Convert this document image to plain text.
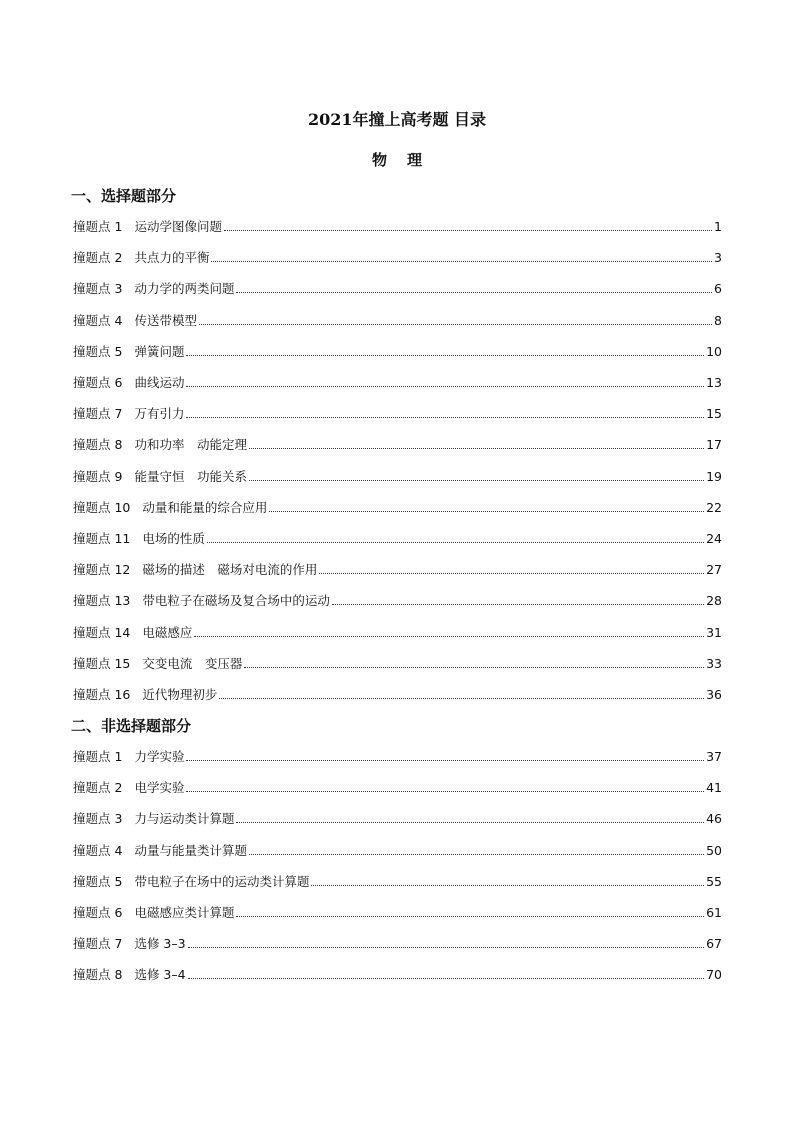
2021年撞上高考题 目录
物理
一、选择题部分
撞题点 1 运动学图像问题	1
撞题点 2 共点力的平衡	3
撞题点 3 动力学的两类问题	6
撞题点 4 传送带模型	8
撞题点 5 弹簧问题	10
撞题点 6 曲线运动	13
撞题点 7 万有引力	15
撞题点 8 功和功率　动能定理	17
撞题点 9 能量守恒　功能关系	19
撞题点 10 动量和能量的综合应用	22
撞题点 11 电场的性质	24
撞题点 12 磁场的描述　磁场对电流的作用	27
撞题点 13 带电粒子在磁场及复合场中的运动	28
撞题点 14 电磁感应	31
撞题点 15 交变电流　变压器	33
撞题点 16 近代物理初步	36
二、非选择题部分
撞题点 1 力学实验	37
撞题点 2 电学实验	41
撞题点 3 力与运动类计算题	46
撞题点 4 动量与能量类计算题	50
撞题点 5 带电粒子在场中的运动类计算题	55
撞题点 6 电磁感应类计算题	61
撞题点 7 选修 3–3	67
撞题点 8 选修 3–4	70
